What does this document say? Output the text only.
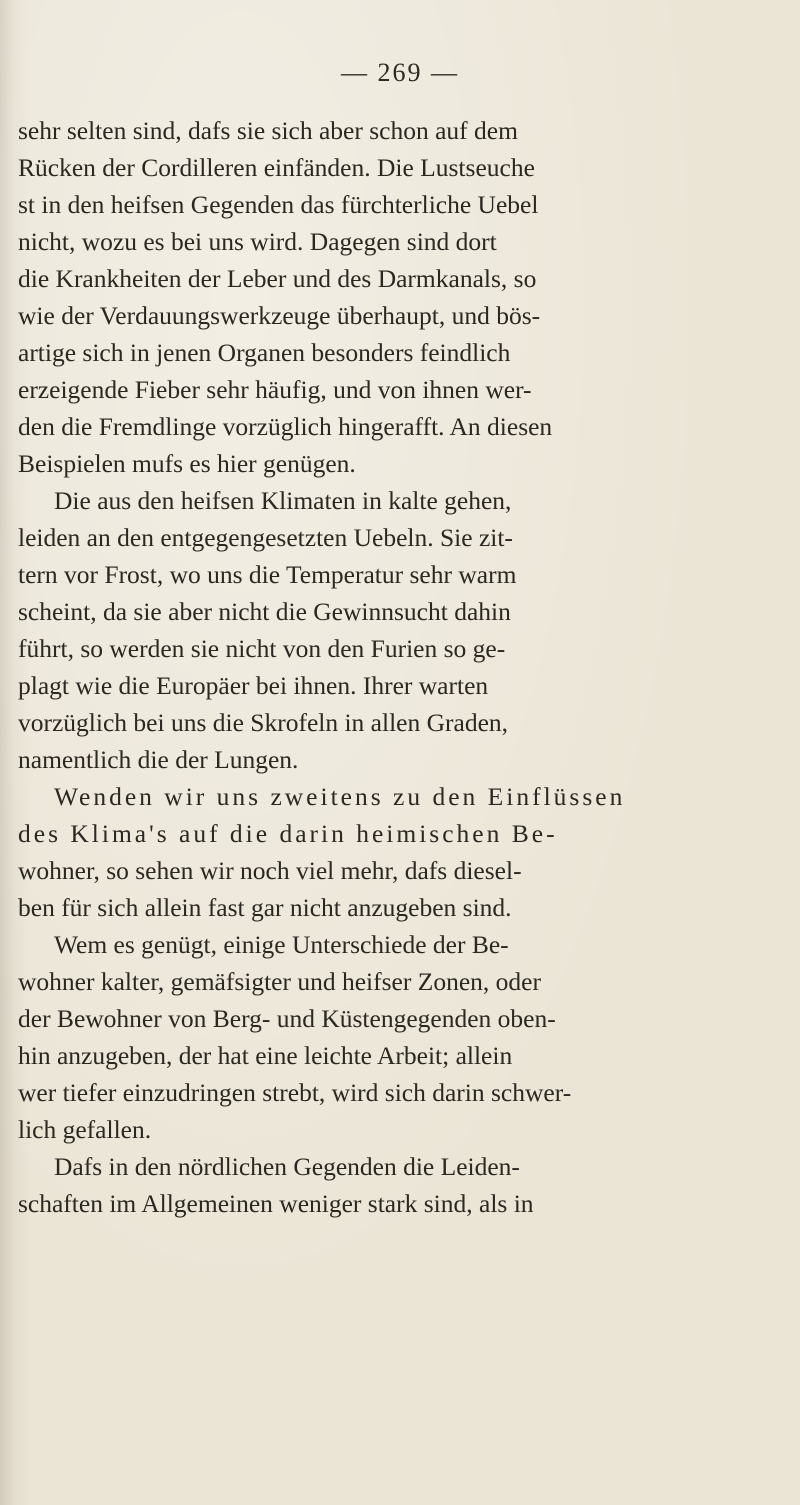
— 269 —
sehr selten sind, dafs sie sich aber schon auf dem
Rücken der Cordilleren einfänden. Die Lustseuche
st in den heifsen Gegenden das fürchterliche Uebel
nicht, wozu es bei uns wird. Dagegen sind dort
die Krankheiten der Leber und des Darmkanals, so
wie der Verdauungswerkzeuge überhaupt, und bös-
artige sich in jenen Organen besonders feindlich
erzeigende Fieber sehr häufig, und von ihnen wer-
den die Fremdlinge vorzüglich hingerafft. An diesen
Beispielen mufs es hier genügen.
Die aus den heifsen Klimaten in kalte gehen,
leiden an den entgegengesetzten Uebeln. Sie zit-
tern vor Frost, wo uns die Temperatur sehr warm
scheint, da sie aber nicht die Gewinnsucht dahin
führt, so werden sie nicht von den Furien so ge-
plagt wie die Europäer bei ihnen. Ihrer warten
vorzüglich bei uns die Skrofeln in allen Graden,
namentlich die der Lungen.
Wenden wir uns zweitens zu den Einflüssen
des Klima's auf die darin heimischen Be-
wohner, so sehen wir noch viel mehr, dafs diesel-
ben für sich allein fast gar nicht anzugeben sind.
Wem es genügt, einige Unterschiede der Be-
wohner kalter, gemäfsigter und heifser Zonen, oder
der Bewohner von Berg- und Küstengegenden oben-
hin anzugeben, der hat eine leichte Arbeit; allein
wer tiefer einzudringen strebt, wird sich darin schwer-
lich gefallen.
Dafs in den nördlichen Gegenden die Leiden-
schaften im Allgemeinen weniger stark sind, als in
